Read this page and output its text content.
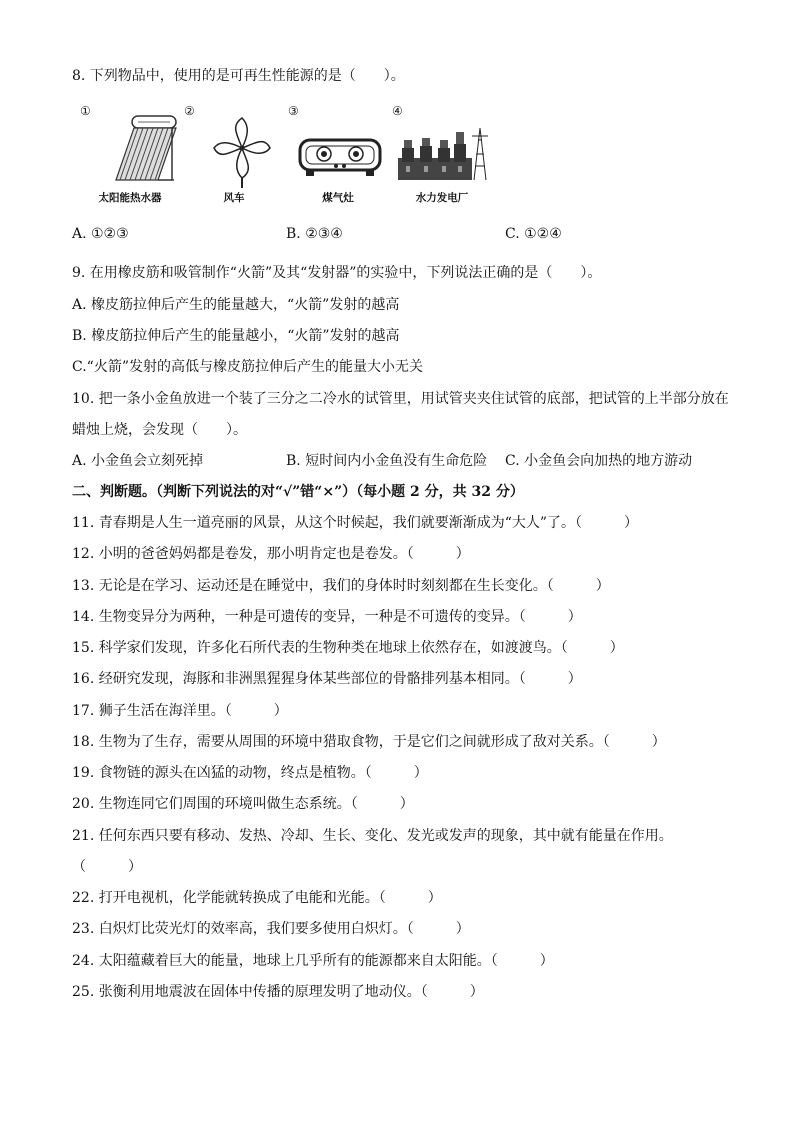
8. 下列物品中，使用的是可再生性能源的是（　　）。
①
太阳能热水器
②
风车
③
煤气灶
④
水力发电厂
A. ①②③	B. ②③④	C. ①②④
9. 在用橡皮筋和吸管制作“火箭”及其“发射器”的实验中，下列说法正确的是（　　）。
A. 橡皮筋拉伸后产生的能量越大，“火箭”发射的越高
B. 橡皮筋拉伸后产生的能量越小，“火箭”发射的越高
C.“火箭”发射的高低与橡皮筋拉伸后产生的能量大小无关
10. 把一条小金鱼放进一个装了三分之二冷水的试管里，用试管夹夹住试管的底部，把试管的上半部分放在
蜡烛上烧，会发现（　　）。
A. 小金鱼会立刻死掉	B. 短时间内小金鱼没有生命危险 C. 小金鱼会向加热的地方游动
二、判断题。（判断下列说法的对“√”错“×”）（每小题 2 分，共 32 分）
11. 青春期是人生一道亮丽的风景，从这个时候起，我们就要渐渐成为“大人”了。（　　　）
12. 小明的爸爸妈妈都是卷发，那小明肯定也是卷发。（　　　）
13. 无论是在学习、运动还是在睡觉中，我们的身体时时刻刻都在生长变化。（　　　）
14. 生物变异分为两种，一种是可遗传的变异，一种是不可遗传的变异。（　　　）
15. 科学家们发现，许多化石所代表的生物种类在地球上依然存在，如渡渡鸟。（　　　）
16. 经研究发现，海豚和非洲黑猩猩身体某些部位的骨骼排列基本相同。（　　　）
17. 狮子生活在海洋里。（　　　）
18. 生物为了生存，需要从周围的环境中猎取食物，于是它们之间就形成了敌对关系。（　　　）
19. 食物链的源头在凶猛的动物，终点是植物。（　　　）
20. 生物连同它们周围的环境叫做生态系统。（　　　）
21. 任何东西只要有移动、发热、冷却、生长、变化、发光或发声的现象，其中就有能量在作用。
（　　　）
22. 打开电视机，化学能就转换成了电能和光能。（　　　）
23. 白炽灯比荧光灯的效率高，我们要多使用白炽灯。（　　　）
24. 太阳蕴藏着巨大的能量，地球上几乎所有的能源都来自太阳能。（　　　）
25. 张衡利用地震波在固体中传播的原理发明了地动仪。（　　　）
